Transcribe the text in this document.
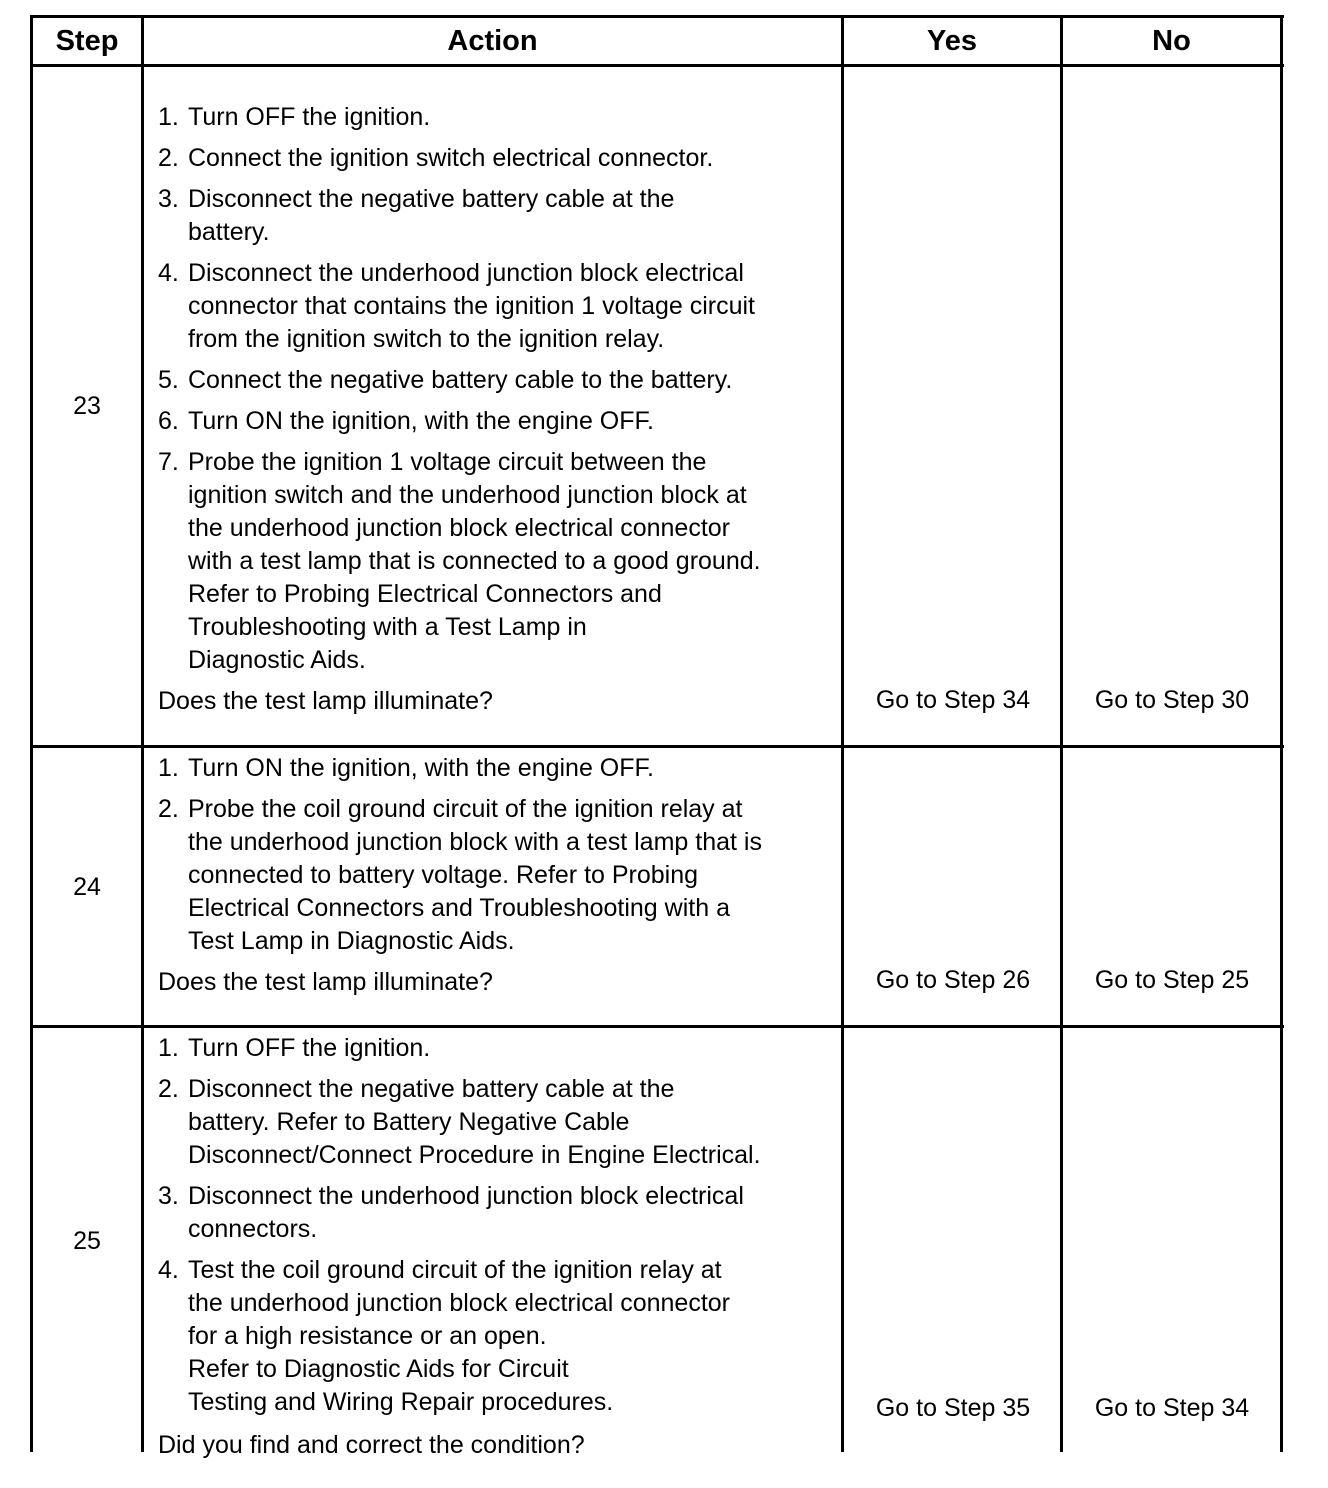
Step	Action	Yes	No
23
1. Turn OFF the ignition.
2. Connect the ignition switch electrical connector.
3. Disconnect the negative battery cable at the
battery.
4. Disconnect the underhood junction block electrical
connector that contains the ignition 1 voltage circuit
from the ignition switch to the ignition relay.
5. Connect the negative battery cable to the battery.
6. Turn ON the ignition, with the engine OFF.
7. Probe the ignition 1 voltage circuit between the
ignition switch and the underhood junction block at
the underhood junction block electrical connector
with a test lamp that is connected to a good ground.
Refer to Probing Electrical Connectors and
Troubleshooting with a Test Lamp in
Diagnostic Aids.
Does the test lamp illuminate?	Go to Step 34	Go to Step 30
24
1. Turn ON the ignition, with the engine OFF.
2. Probe the coil ground circuit of the ignition relay at
the underhood junction block with a test lamp that is
connected to battery voltage. Refer to Probing
Electrical Connectors and Troubleshooting with a
Test Lamp in Diagnostic Aids.
Does the test lamp illuminate?	Go to Step 26	Go to Step 25
25
1. Turn OFF the ignition.
2. Disconnect the negative battery cable at the
battery. Refer to Battery Negative Cable
Disconnect/Connect Procedure in Engine Electrical.
3. Disconnect the underhood junction block electrical
connectors.
4. Test the coil ground circuit of the ignition relay at
the underhood junction block electrical connector
for a high resistance or an open.
Refer to Diagnostic Aids for Circuit
Testing and Wiring Repair procedures.
Did you find and correct the condition?
Go to Step 35	Go to Step 34
